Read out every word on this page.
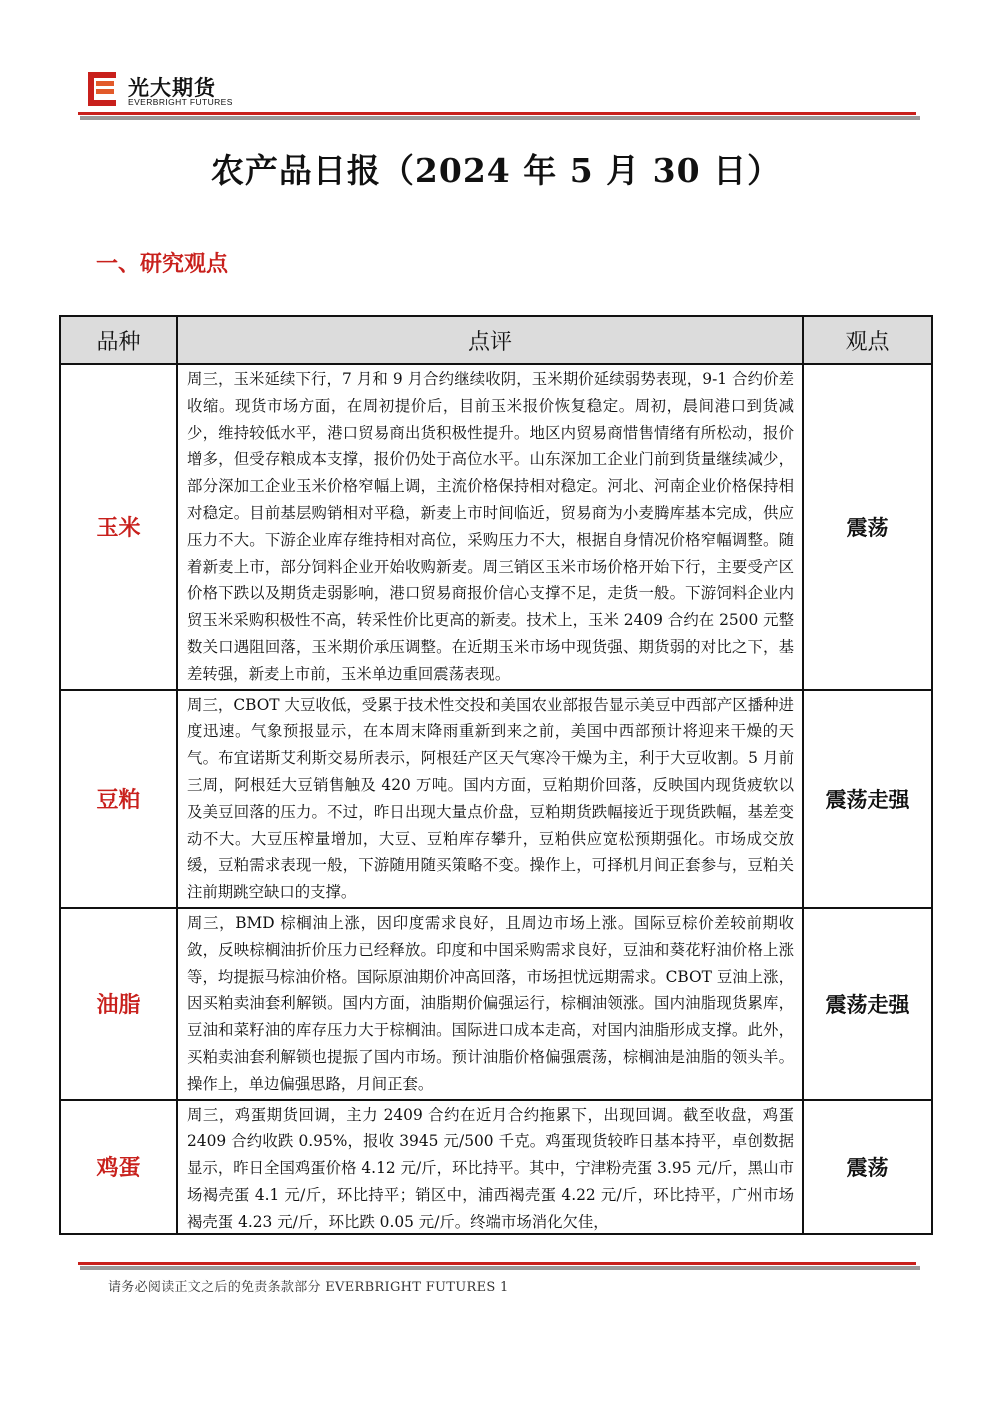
光大期货
EVERBRIGHT FUTURES
农产品日报（2024 年 5 月 30 日）
一、研究观点
品种	点评	观点
玉米	周三，玉米延续下行，7 月和 9 月合约继续收阴，玉米期价延续弱势表现，9-1 合约价差收缩。现货市场方面，在周初提价后，目前玉米报价恢复稳定。周初，晨间港口到货减少，维持较低水平，港口贸易商出货积极性提升。地区内贸易商惜售情绪有所松动，报价增多，但受存粮成本支撑，报价仍处于高位水平。山东深加工企业门前到货量继续减少，部分深加工企业玉米价格窄幅上调，主流价格保持相对稳定。河北、河南企业价格保持相对稳定。目前基层购销相对平稳，新麦上市时间临近，贸易商为小麦腾库基本完成，供应压力不大。下游企业库存维持相对高位，采购压力不大，根据自身情况价格窄幅调整。随着新麦上市，部分饲料企业开始收购新麦。周三销区玉米市场价格开始下行，主要受产区价格下跌以及期货走弱影响，港口贸易商报价信心支撑不足，走货一般。下游饲料企业内贸玉米采购积极性不高，转采性价比更高的新麦。技术上，玉米 2409 合约在 2500 元整数关口遇阻回落，玉米期价承压调整。在近期玉米市场中现货强、期货弱的对比之下，基差转强，新麦上市前，玉米单边重回震荡表现。	震荡
豆粕	周三，CBOT 大豆收低，受累于技术性交投和美国农业部报告显示美豆中西部产区播种进度迅速。气象预报显示，在本周末降雨重新到来之前，美国中西部预计将迎来干燥的天气。布宜诺斯艾利斯交易所表示，阿根廷产区天气寒冷干燥为主，利于大豆收割。5 月前三周，阿根廷大豆销售触及 420 万吨。国内方面，豆粕期价回落，反映国内现货疲软以及美豆回落的压力。不过，昨日出现大量点价盘，豆粕期货跌幅接近于现货跌幅，基差变动不大。大豆压榨量增加，大豆、豆粕库存攀升，豆粕供应宽松预期强化。市场成交放缓，豆粕需求表现一般，下游随用随买策略不变。操作上，可择机月间正套参与，豆粕关注前期跳空缺口的支撑。	震荡走强
油脂	周三，BMD 棕榈油上涨，因印度需求良好，且周边市场上涨。国际豆棕价差较前期收敛，反映棕榈油折价压力已经释放。印度和中国采购需求良好，豆油和葵花籽油价格上涨等，均提振马棕油价格。国际原油期价冲高回落，市场担忧远期需求。CBOT 豆油上涨，因买粕卖油套利解锁。国内方面，油脂期价偏强运行，棕榈油领涨。国内油脂现货累库，豆油和菜籽油的库存压力大于棕榈油。国际进口成本走高，对国内油脂形成支撑。此外，买粕卖油套利解锁也提振了国内市场。预计油脂价格偏强震荡，棕榈油是油脂的领头羊。操作上，单边偏强思路，月间正套。	震荡走强
鸡蛋	周三，鸡蛋期货回调，主力 2409 合约在近月合约拖累下，出现回调。截至收盘，鸡蛋 2409 合约收跌 0.95%，报收 3945 元/500 千克。鸡蛋现货较昨日基本持平，卓创数据显示，昨日全国鸡蛋价格 4.12 元/斤，环比持平。其中，宁津粉壳蛋 3.95 元/斤，黑山市场褐壳蛋 4.1 元/斤，环比持平；销区中，浦西褐壳蛋 4.22 元/斤，环比持平，广州市场褐壳蛋 4.23 元/斤，环比跌 0.05 元/斤。终端市场消化欠佳，	震荡
请务必阅读正文之后的免责条款部分 EVERBRIGHT FUTURES 1
